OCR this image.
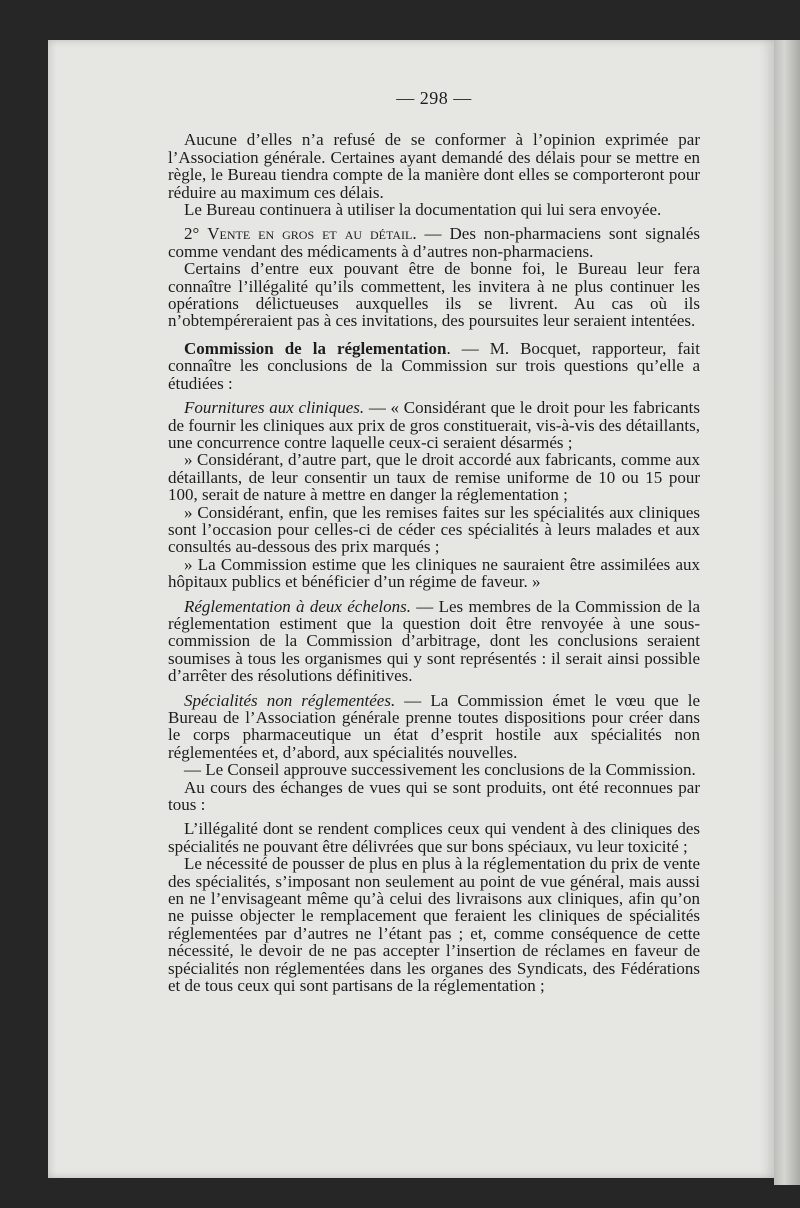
— 298 —

Aucune d’elles n’a refusé de se conformer à l’opinion exprimée par l’Association générale. Certaines ayant demandé des délais pour se mettre en règle, le Bureau tiendra compte de la manière dont elles se comporteront pour réduire au maximum ces délais.

Le Bureau continuera à utiliser la documentation qui lui sera envoyée.

2° Vente en gros et au détail. — Des non-pharmaciens sont signalés comme vendant des médicaments à d’autres non-pharmaciens.

Certains d’entre eux pouvant être de bonne foi, le Bureau leur fera connaître l’illégalité qu’ils commettent, les invitera à ne plus continuer les opérations délictueuses auxquelles ils se livrent. Au cas où ils n’obtempéreraient pas à ces invitations, des poursuites leur seraient intentées.

Commission de la réglementation. — M. Bocquet, rapporteur, fait connaître les conclusions de la Commission sur trois questions qu’elle a étudiées :

Fournitures aux cliniques. — « Considérant que le droit pour les fabricants de fournir les cliniques aux prix de gros constituerait, vis-à-vis des détaillants, une concurrence contre laquelle ceux-ci seraient désarmés ;

» Considérant, d’autre part, que le droit accordé aux fabricants, comme aux détaillants, de leur consentir un taux de remise uniforme de 10 ou 15 pour 100, serait de nature à mettre en danger la réglementation ;

» Considérant, enfin, que les remises faites sur les spécialités aux cliniques sont l’occasion pour celles-ci de céder ces spécialités à leurs malades et aux consultés au-dessous des prix marqués ;

» La Commission estime que les cliniques ne sauraient être assimilées aux hôpitaux publics et bénéficier d’un régime de faveur. »

Réglementation à deux échelons. — Les membres de la Commission de la réglementation estiment que la question doit être renvoyée à une sous-commission de la Commission d’arbitrage, dont les conclusions seraient soumises à tous les organismes qui y sont représentés : il serait ainsi possible d’arrêter des résolutions définitives.

Spécialités non réglementées. — La Commission émet le vœu que le Bureau de l’Association générale prenne toutes dispositions pour créer dans le corps pharmaceutique un état d’esprit hostile aux spécialités non réglementées et, d’abord, aux spécialités nouvelles.

— Le Conseil approuve successivement les conclusions de la Commission.

Au cours des échanges de vues qui se sont produits, ont été reconnues par tous :

L’illégalité dont se rendent complices ceux qui vendent à des cliniques des spécialités ne pouvant être délivrées que sur bons spéciaux, vu leur toxicité ;

Le nécessité de pousser de plus en plus à la réglementation du prix de vente des spécialités, s’imposant non seulement au point de vue général, mais aussi en ne l’envisageant même qu’à celui des livraisons aux cliniques, afin qu’on ne puisse objecter le remplacement que feraient les cliniques de spécialités réglementées par d’autres ne l’étant pas ; et, comme conséquence de cette nécessité, le devoir de ne pas accepter l’insertion de réclames en faveur de spécialités non réglementées dans les organes des Syndicats, des Fédérations et de tous ceux qui sont partisans de la réglementation ;
